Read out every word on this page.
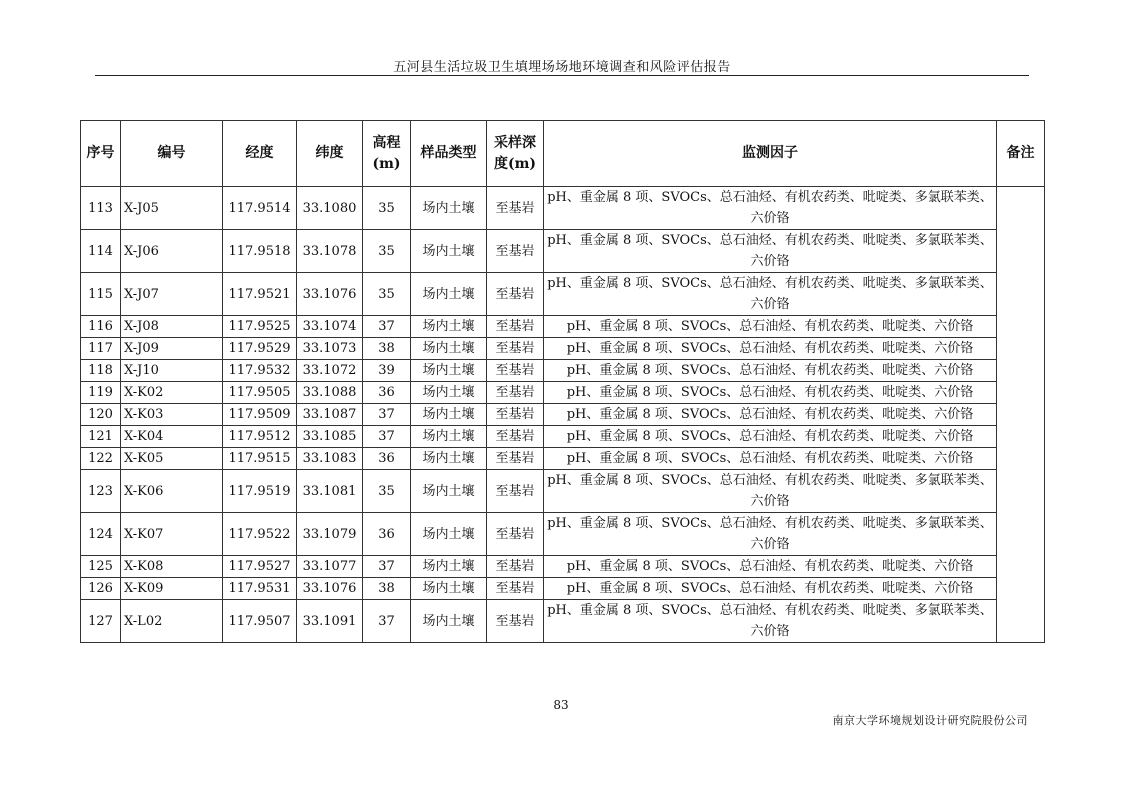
五河县生活垃圾卫生填埋场场地环境调查和风险评估报告
序号	编号	经度	纬度	高程(m)	样品类型	采样深度(m)	监测因子	备注
113	X-J05	117.9514	33.1080	35	场内土壤	至基岩	pH、重金属 8 项、SVOCs、总石油烃、有机农药类、吡啶类、多氯联苯类、六价铬	
114	X-J06	117.9518	33.1078	35	场内土壤	至基岩	pH、重金属 8 项、SVOCs、总石油烃、有机农药类、吡啶类、多氯联苯类、六价铬	
115	X-J07	117.9521	33.1076	35	场内土壤	至基岩	pH、重金属 8 项、SVOCs、总石油烃、有机农药类、吡啶类、多氯联苯类、六价铬	
116	X-J08	117.9525	33.1074	37	场内土壤	至基岩	pH、重金属 8 项、SVOCs、总石油烃、有机农药类、吡啶类、六价铬	
117	X-J09	117.9529	33.1073	38	场内土壤	至基岩	pH、重金属 8 项、SVOCs、总石油烃、有机农药类、吡啶类、六价铬	
118	X-J10	117.9532	33.1072	39	场内土壤	至基岩	pH、重金属 8 项、SVOCs、总石油烃、有机农药类、吡啶类、六价铬	
119	X-K02	117.9505	33.1088	36	场内土壤	至基岩	pH、重金属 8 项、SVOCs、总石油烃、有机农药类、吡啶类、六价铬	
120	X-K03	117.9509	33.1087	37	场内土壤	至基岩	pH、重金属 8 项、SVOCs、总石油烃、有机农药类、吡啶类、六价铬	
121	X-K04	117.9512	33.1085	37	场内土壤	至基岩	pH、重金属 8 项、SVOCs、总石油烃、有机农药类、吡啶类、六价铬	
122	X-K05	117.9515	33.1083	36	场内土壤	至基岩	pH、重金属 8 项、SVOCs、总石油烃、有机农药类、吡啶类、六价铬	
123	X-K06	117.9519	33.1081	35	场内土壤	至基岩	pH、重金属 8 项、SVOCs、总石油烃、有机农药类、吡啶类、多氯联苯类、六价铬	
124	X-K07	117.9522	33.1079	36	场内土壤	至基岩	pH、重金属 8 项、SVOCs、总石油烃、有机农药类、吡啶类、多氯联苯类、六价铬	
125	X-K08	117.9527	33.1077	37	场内土壤	至基岩	pH、重金属 8 项、SVOCs、总石油烃、有机农药类、吡啶类、六价铬	
126	X-K09	117.9531	33.1076	38	场内土壤	至基岩	pH、重金属 8 项、SVOCs、总石油烃、有机农药类、吡啶类、六价铬	
127	X-L02	117.9507	33.1091	37	场内土壤	至基岩	pH、重金属 8 项、SVOCs、总石油烃、有机农药类、吡啶类、多氯联苯类、六价铬	
83
南京大学环境规划设计研究院股份公司
